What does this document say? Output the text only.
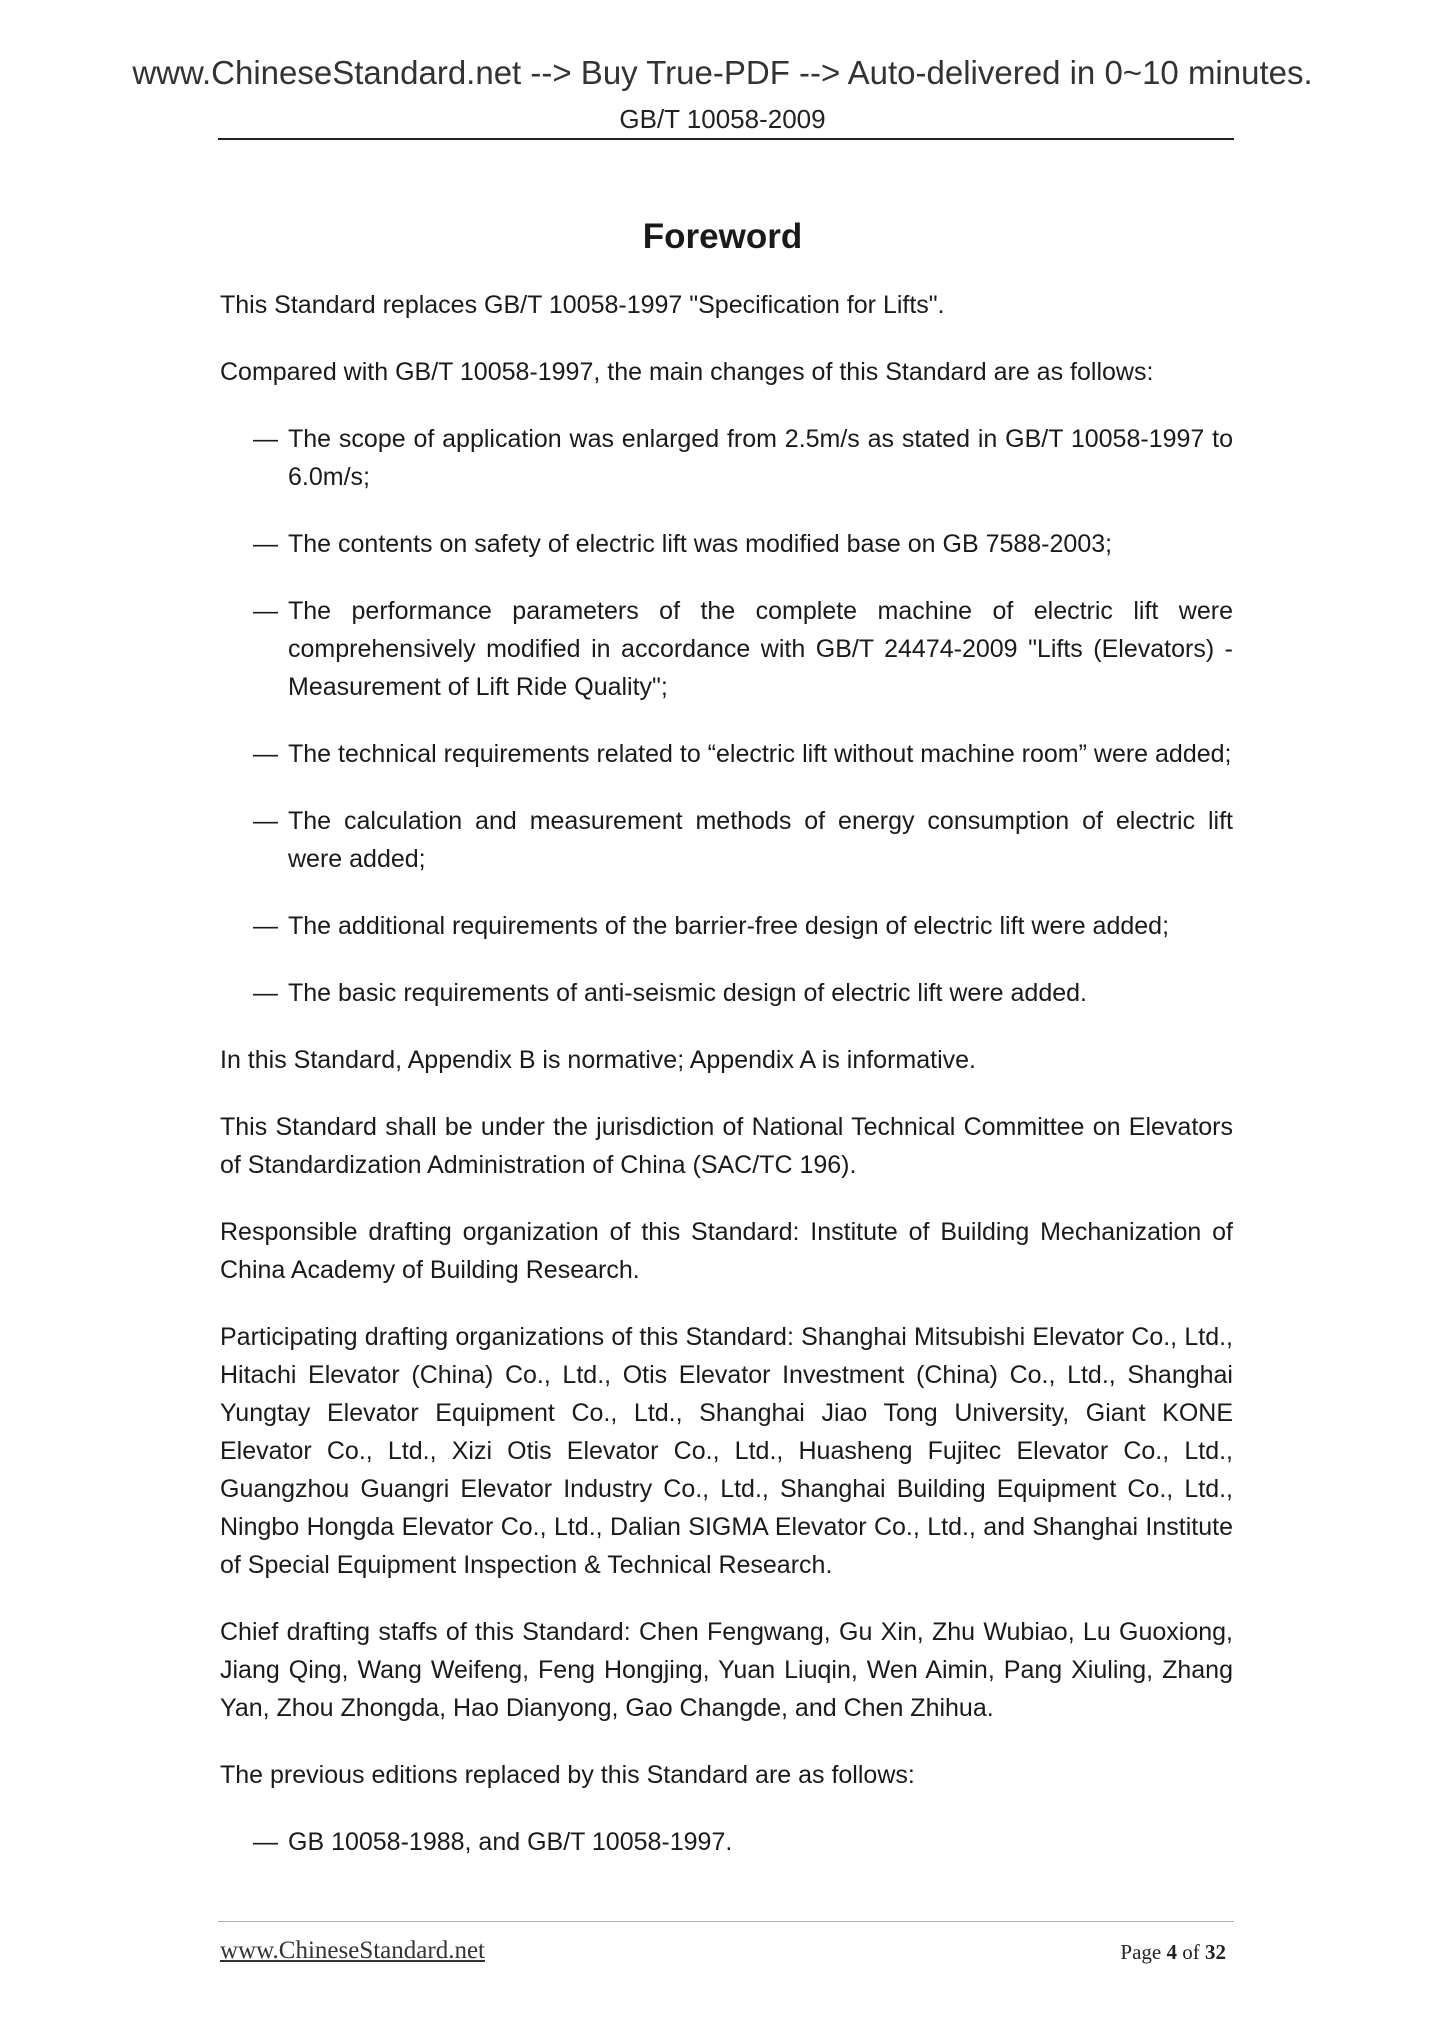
www.ChineseStandard.net --> Buy True-PDF --> Auto-delivered in 0~10 minutes.
GB/T 10058-2009
Foreword

This Standard replaces GB/T 10058-1997 "Specification for Lifts".

Compared with GB/T 10058-1997, the main changes of this Standard are as follows:

— The scope of application was enlarged from 2.5m/s as stated in GB/T 10058-1997 to 6.0m/s;
— The contents on safety of electric lift was modified base on GB 7588-2003;
— The performance parameters of the complete machine of electric lift were comprehensively modified in accordance with GB/T 24474-2009 "Lifts (Elevators) - Measurement of Lift Ride Quality";
— The technical requirements related to “electric lift without machine room” were added;
— The calculation and measurement methods of energy consumption of electric lift were added;
— The additional requirements of the barrier-free design of electric lift were added;
— The basic requirements of anti-seismic design of electric lift were added.

In this Standard, Appendix B is normative; Appendix A is informative.

This Standard shall be under the jurisdiction of National Technical Committee on Elevators of Standardization Administration of China (SAC/TC 196).

Responsible drafting organization of this Standard: Institute of Building Mechanization of China Academy of Building Research.

Participating drafting organizations of this Standard: Shanghai Mitsubishi Elevator Co., Ltd., Hitachi Elevator (China) Co., Ltd., Otis Elevator Investment (China) Co., Ltd., Shanghai Yungtay Elevator Equipment Co., Ltd., Shanghai Jiao Tong University, Giant KONE Elevator Co., Ltd., Xizi Otis Elevator Co., Ltd., Huasheng Fujitec Elevator Co., Ltd., Guangzhou Guangri Elevator Industry Co., Ltd., Shanghai Building Equipment Co., Ltd., Ningbo Hongda Elevator Co., Ltd., Dalian SIGMA Elevator Co., Ltd., and Shanghai Institute of Special Equipment Inspection & Technical Research.

Chief drafting staffs of this Standard: Chen Fengwang, Gu Xin, Zhu Wubiao, Lu Guoxiong, Jiang Qing, Wang Weifeng, Feng Hongjing, Yuan Liuqin, Wen Aimin, Pang Xiuling, Zhang Yan, Zhou Zhongda, Hao Dianyong, Gao Changde, and Chen Zhihua.

The previous editions replaced by this Standard are as follows:

— GB 10058-1988, and GB/T 10058-1997.
www.ChineseStandard.net	Page 4 of 32
